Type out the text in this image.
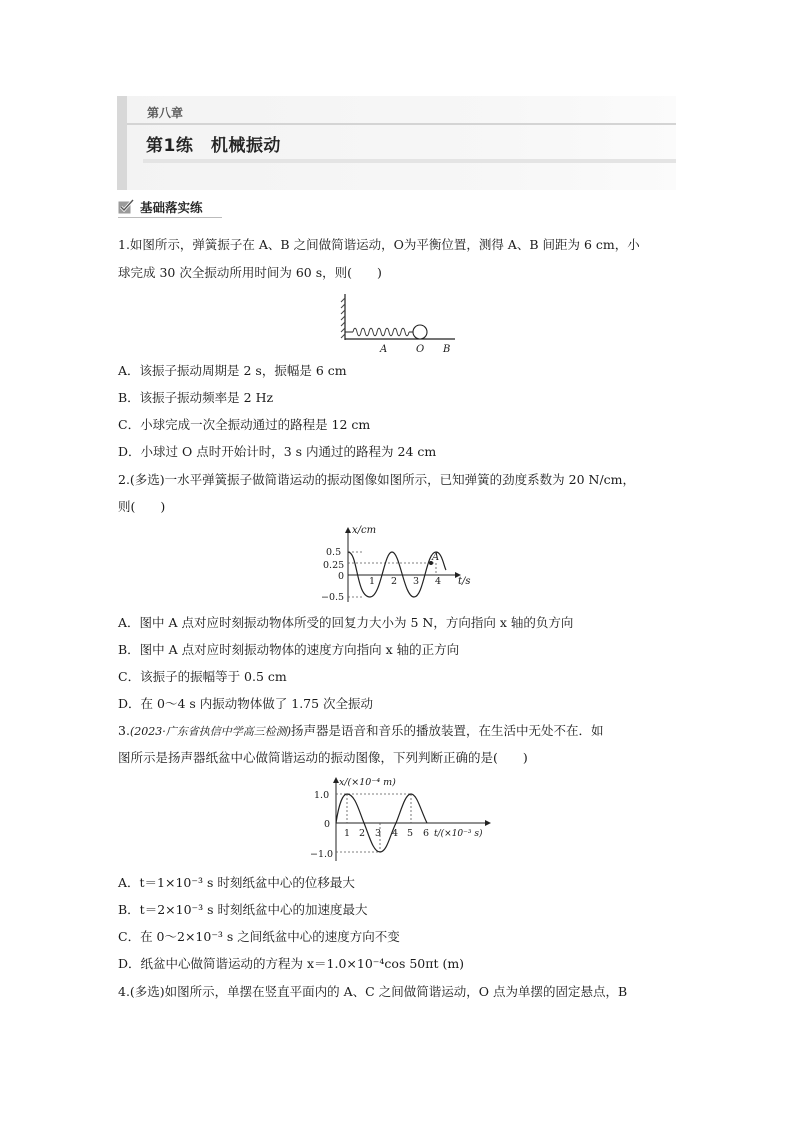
第八章
第1练　机械振动
基础落实练
1.如图所示，弹簧振子在 A、B 之间做简谐运动，O为平衡位置，测得 A、B 间距为 6 cm，小
球完成 30 次全振动所用时间为 60 s，则(　　)
A	O B
A．该振子振动周期是 2 s，振幅是 6 cm
B．该振子振动频率是 2 Hz
C．小球完成一次全振动通过的路程是 12 cm
D．小球过 O 点时开始计时，3 s 内通过的路程为 24 cm
2.(多选)一水平弹簧振子做简谐运动的振动图像如图所示，已知弹簧的劲度系数为 20 N/cm，
则(　　)
x/cm
t/s
0.5
0.25
0
−0.5
1 2 3 4
A
A．图中 A 点对应时刻振动物体所受的回复力大小为 5 N，方向指向 x 轴的负方向
B．图中 A 点对应时刻振动物体的速度方向指向 x 轴的正方向
C．该振子的振幅等于 0.5 cm
D．在 0～4 s 内振动物体做了 1.75 次全振动
3.(2023·广东省执信中学高三检测)扬声器是语音和音乐的播放装置，在生活中无处不在．如
图所示是扬声器纸盆中心做简谐运动的振动图像，下列判断正确的是(　　)
x/(×10⁻⁴ m)
t/(×10⁻³ s)
1.0
0
−1.0
1 2 3 4 5 6
A．t＝1×10⁻³ s 时刻纸盆中心的位移最大
B．t＝2×10⁻³ s 时刻纸盆中心的加速度最大
C．在 0～2×10⁻³ s 之间纸盆中心的速度方向不变
D．纸盆中心做简谐运动的方程为 x＝1.0×10⁻⁴cos 50πt (m)
4.(多选)如图所示，单摆在竖直平面内的 A、C 之间做简谐运动，O 点为单摆的固定悬点，B
